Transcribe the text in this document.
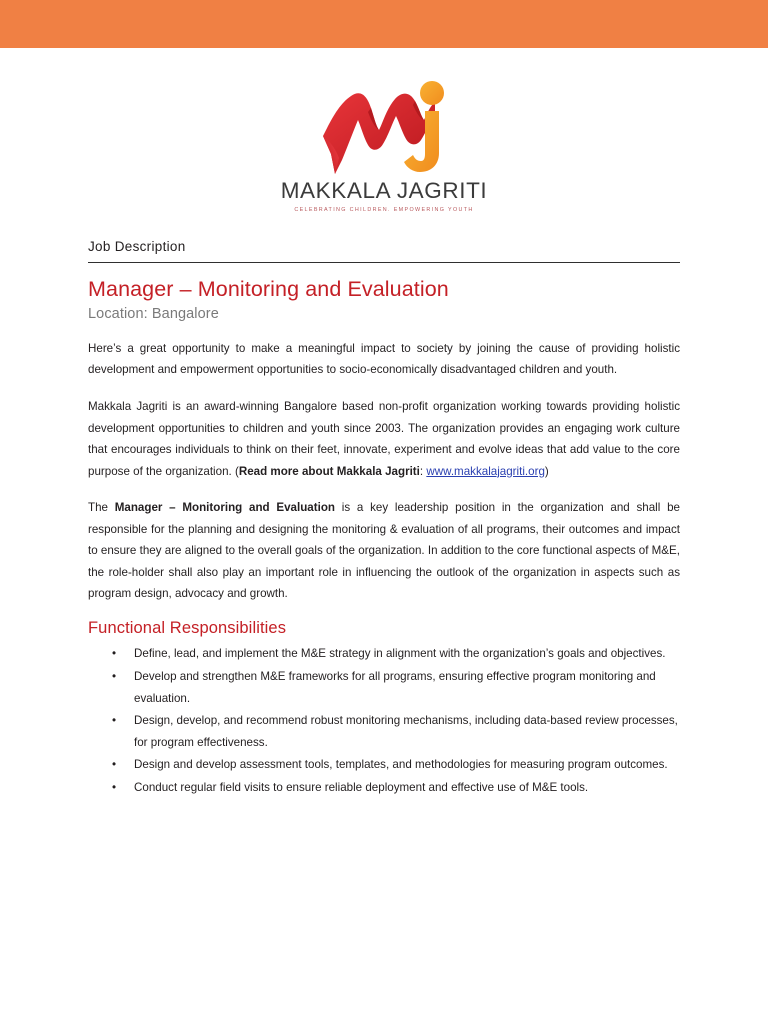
MAKKALA JAGRITI
CELEBRATING CHILDREN. EMPOWERING YOUTH
Job Description
Manager – Monitoring and Evaluation
Location: Bangalore

Here’s a great opportunity to make a meaningful impact to society by joining the cause of providing holistic development and empowerment opportunities to socio-economically disadvantaged children and youth.

Makkala Jagriti is an award-winning Bangalore based non-profit organization working towards providing holistic development opportunities to children and youth since 2003. The organization provides an engaging work culture that encourages individuals to think on their feet, innovate, experiment and evolve ideas that add value to the core purpose of the organization. (Read more about Makkala Jagriti: www.makkalajagriti.org)

The Manager – Monitoring and Evaluation is a key leadership position in the organization and shall be responsible for the planning and designing the monitoring & evaluation of all programs, their outcomes and impact to ensure they are aligned to the overall goals of the organization. In addition to the core functional aspects of M&E, the role-holder shall also play an important role in influencing the outlook of the organization in aspects such as program design, advocacy and growth.

Functional Responsibilities
• Define, lead, and implement the M&E strategy in alignment with the organization’s goals and objectives.
• Develop and strengthen M&E frameworks for all programs, ensuring effective program monitoring and evaluation.
• Design, develop, and recommend robust monitoring mechanisms, including data-based review processes, for program effectiveness.
• Design and develop assessment tools, templates, and methodologies for measuring program outcomes.
• Conduct regular field visits to ensure reliable deployment and effective use of M&E tools.
